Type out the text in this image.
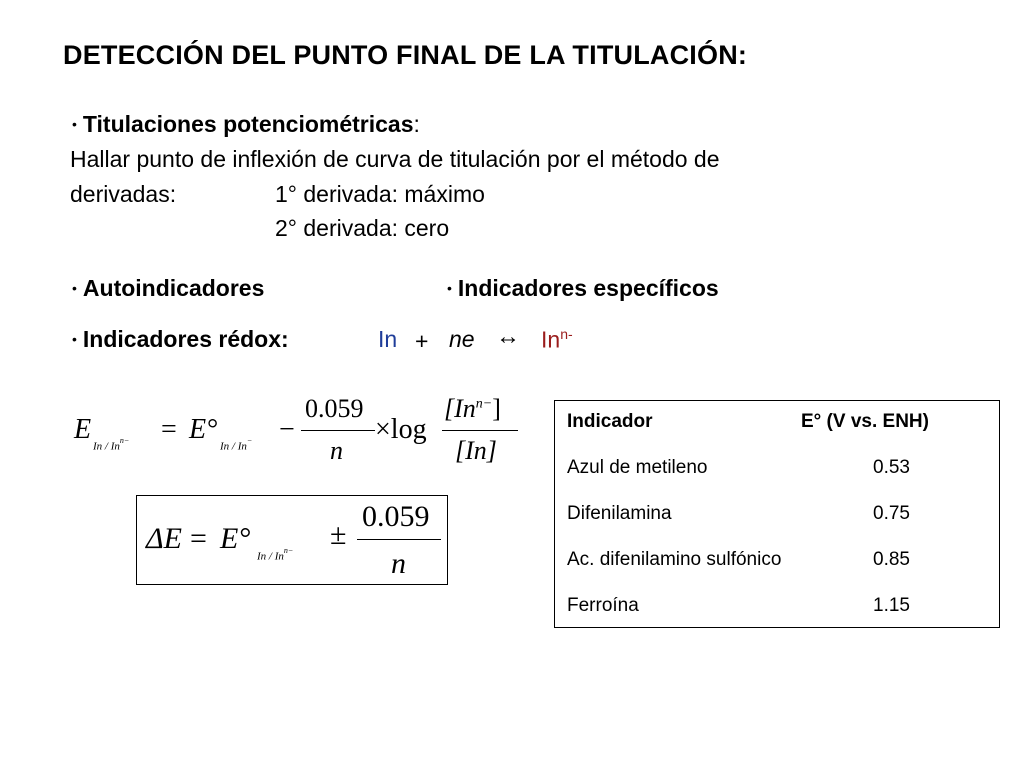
DETECCIÓN DEL PUNTO FINAL DE LA TITULACIÓN:
• Titulaciones potenciométricas:
Hallar punto de inflexión de curva de titulación por el método de
derivadas:	1° derivada: máximo
2° derivada: cero
• Autoindicadores	• Indicadores específicos
• Indicadores rédox:	In + ne ↔ $In^{n-}$
E
$In / In^{n-} = E^\circ$
In / In− −
0.059
n
×log
$[In^{n-}]$
[In]
ΔE = E°
In / $In^{n-}$ ±
0.059
n
Indicador	E° (V vs. ENH)
Azul de metileno	0.53
Difenilamina	0.75
Ac. difenilamino sulfónico	0.85
Ferroína	1.15
